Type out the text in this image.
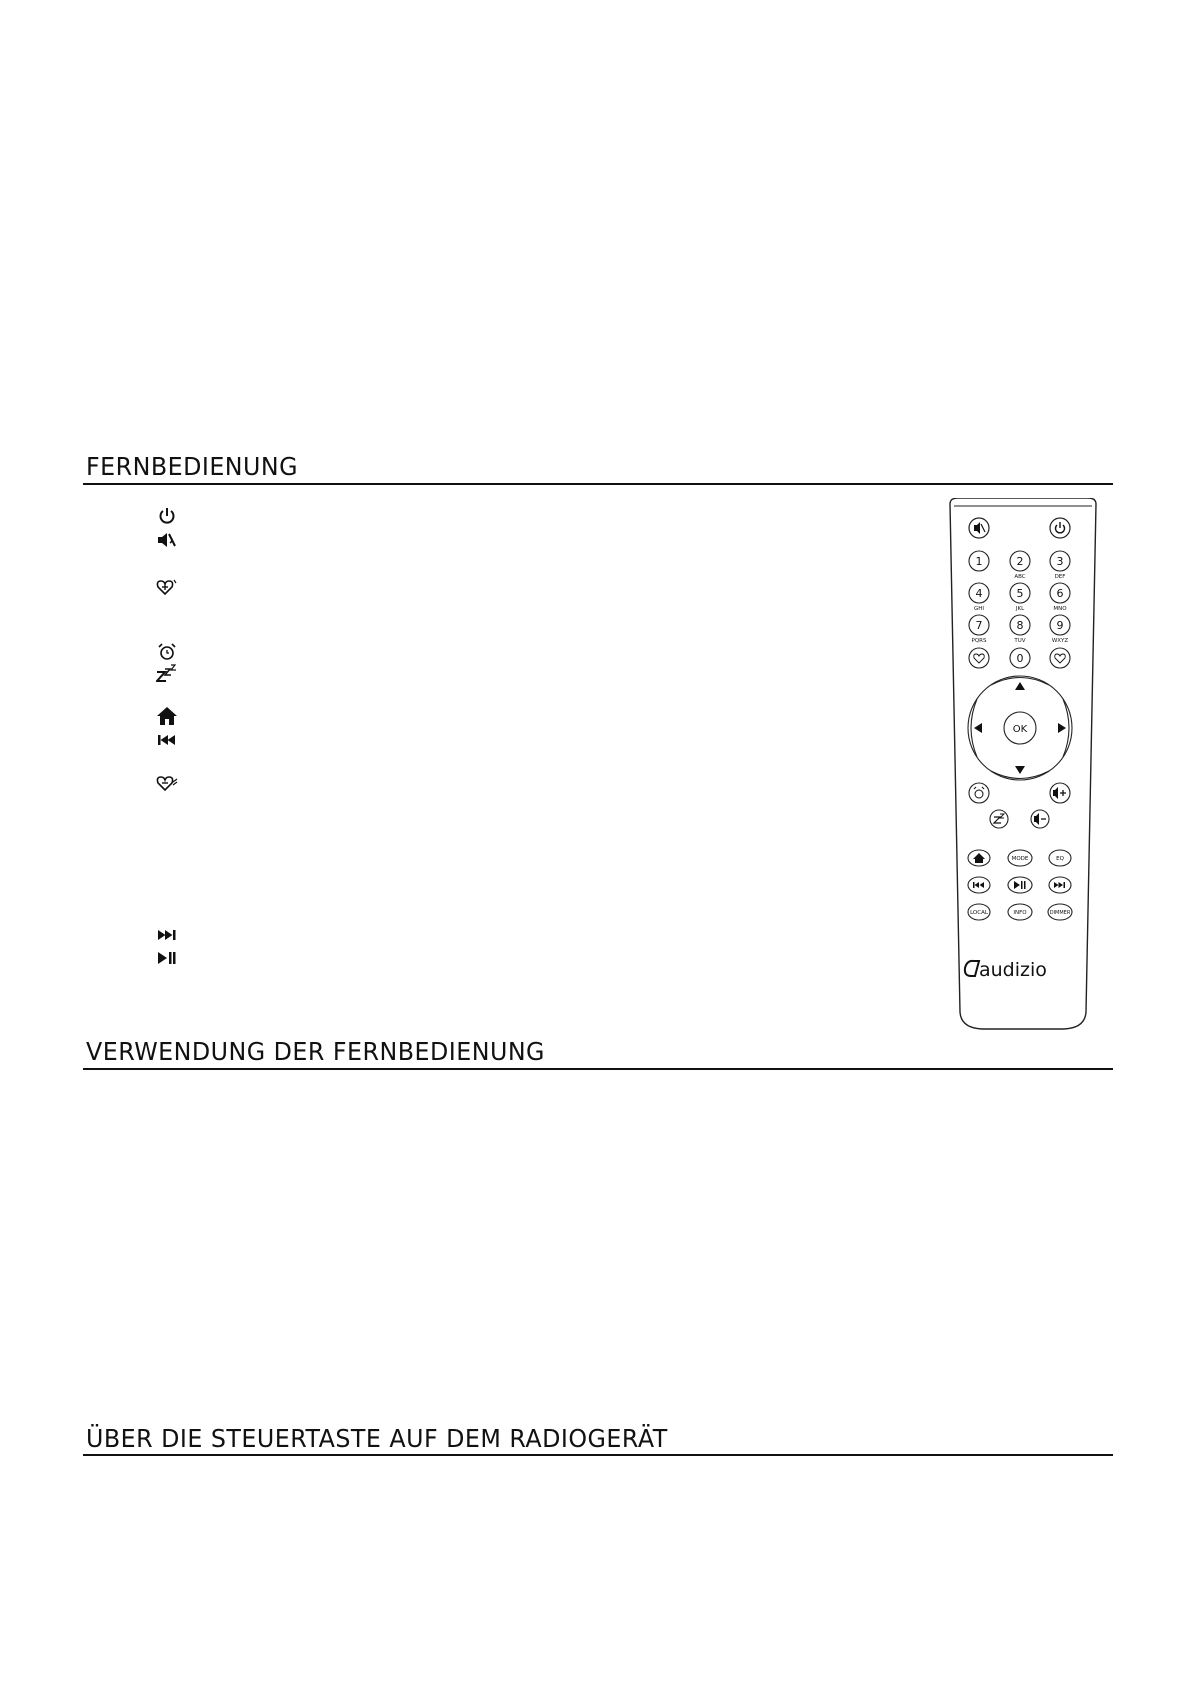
FERNBEDIENUNG
1	2	3
4	5	6
7	8	9
0
ABC	DEF
GHI	JKL	MNO
PQRS	TUV	WXYZ
OK
MODE	EQ
LOCAL	INFO	DIMMER
audizio
VERWENDUNG DER FERNBEDIENUNG
ÜBER DIE STEUERTASTE AUF DEM RADIOGERÄT
